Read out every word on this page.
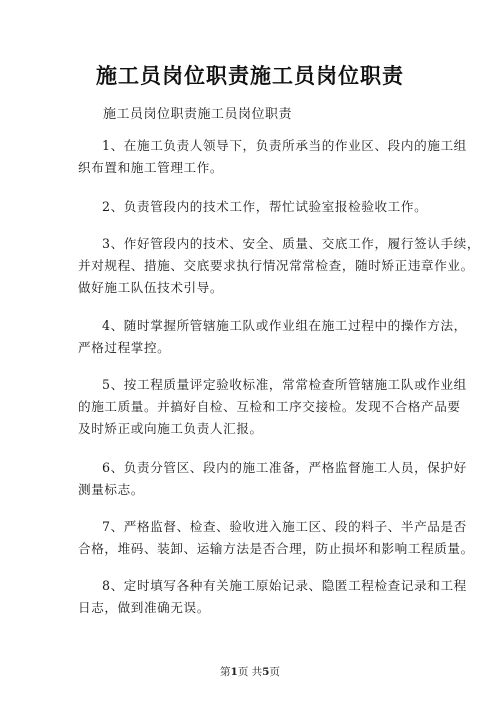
施工员岗位职责施工员岗位职责
施工员岗位职责施工员岗位职责
1、在施工负责人领导下，负责所承当的作业区、段内的施工组
织布置和施工管理工作。
2、负责管段内的技术工作，帮忙试验室报检验收工作。
3、作好管段内的技术、安全、质量、交底工作，履行签认手续，
并对规程、措施、交底要求执行情况常常检查，随时矫正违章作业。
做好施工队伍技术引导。
4、随时掌握所管辖施工队或作业组在施工过程中的操作方法，
严格过程掌控。
5、按工程质量评定验收标准，常常检查所管辖施工队或作业组
的施工质量。并搞好自检、互检和工序交接检。发现不合格产品要
及时矫正或向施工负责人汇报。
6、负责分管区、段内的施工准备，严格监督施工人员，保护好
测量标志。
7、严格监督、检查、验收进入施工区、段的料子、半产品是否
合格，堆码、装卸、运输方法是否合理，防止损坏和影响工程质量。
8、定时填写各种有关施工原始记录、隐匿工程检查记录和工程
日志，做到准确无误。
第1页 共5页
